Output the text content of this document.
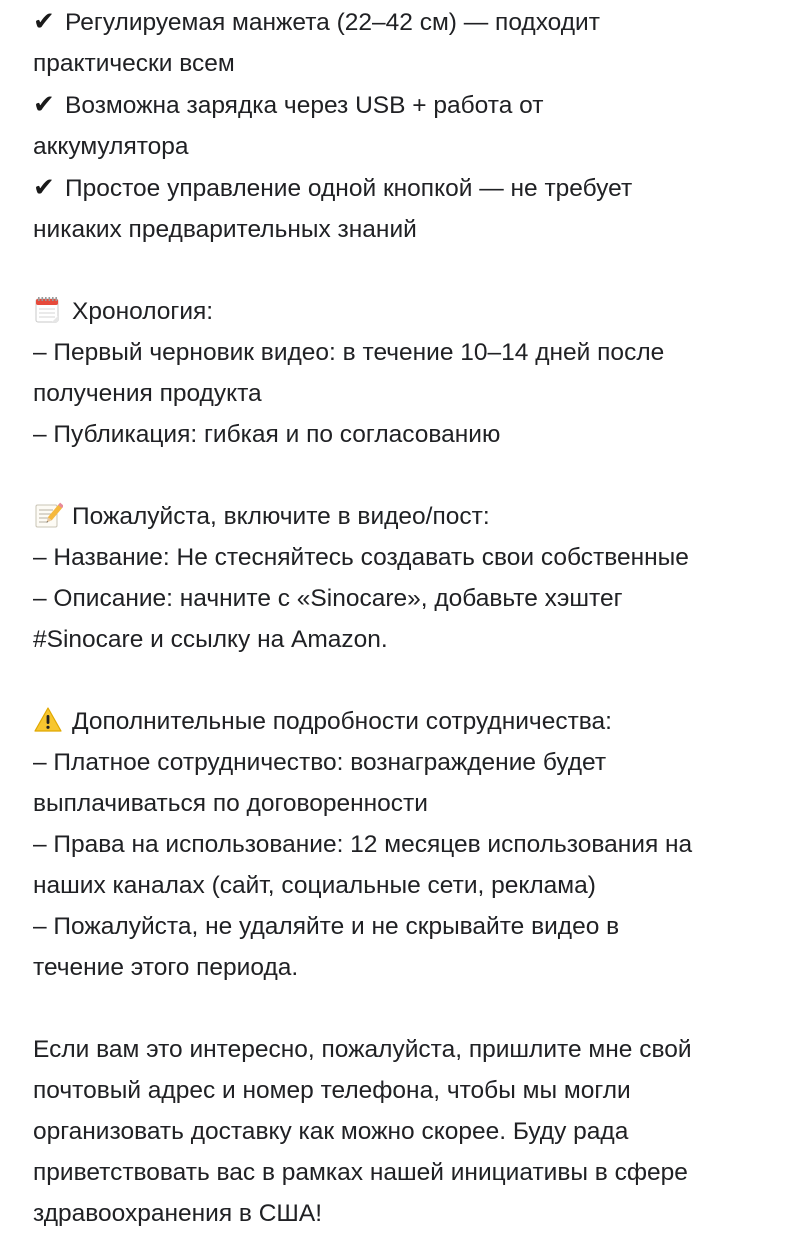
✔ Регулируемая манжета (22–42 см) — подходит
практически всем
✔ Возможна зарядка через USB + работа от
аккумулятора
✔ Простое управление одной кнопкой — не требует
никаких предварительных знаний
Хронология:
– Первый черновик видео: в течение 10–14 дней после
получения продукта
– Публикация: гибкая и по согласованию
Пожалуйста, включите в видео/пост:
– Название: Не стесняйтесь создавать свои собственные
– Описание: начните с «Sinocare», добавьте хэштег
#Sinocare и ссылку на Amazon.
Дополнительные подробности сотрудничества:
– Платное сотрудничество: вознаграждение будет
выплачиваться по договоренности
– Права на использование: 12 месяцев использования на
наших каналах (сайт, социальные сети, реклама)
– Пожалуйста, не удаляйте и не скрывайте видео в
течение этого периода.
Если вам это интересно, пожалуйста, пришлите мне свой
почтовый адрес и номер телефона, чтобы мы могли
организовать доставку как можно скорее. Буду рада
приветствовать вас в рамках нашей инициативы в сфере
здравоохранения в США!
